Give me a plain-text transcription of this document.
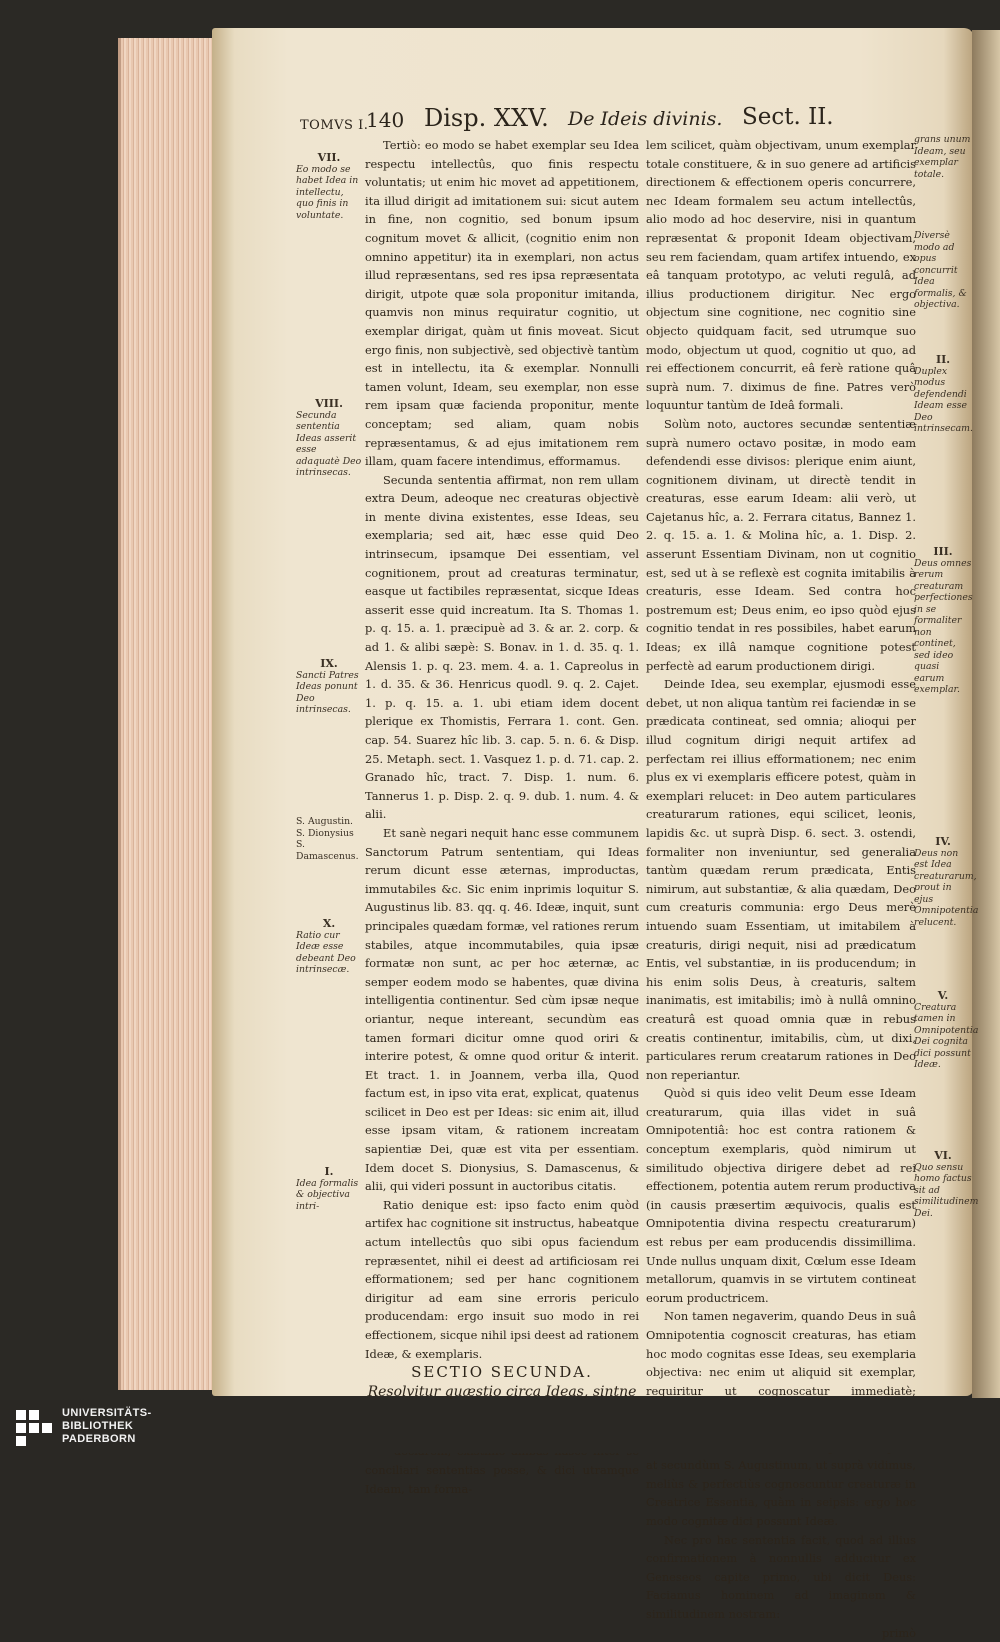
TOMVS I.
140 Disp. XXV. De Ideis divinis. Sect. II.
VII.
Eo modo se habet Idea in intellectu, quo finis in voluntate.
VIII.
Secunda sententia Ideas asserit esse adaquatè Deo intrinsecas.
IX.
Sancti Patres Ideas ponunt Deo intrinsecas.
S. Augustin. S. Dionysius S. Damascenus.
X.
Ratio cur Ideæ esse debeant Deo intrinsecæ.
I.
Idea formalis & objectiva intri-

Tertiò: eo modo se habet exemplar seu Idea respectu intellectûs, quo finis respectu voluntatis; ut enim hic movet ad appetitionem, ita illud dirigit ad imitationem sui: sicut autem in fine, non cognitio, sed bonum ipsum cognitum movet & allicit, (cognitio enim non omnino appetitur) ita in exemplari, non actus illud repræsentans, sed res ipsa repræsentata dirigit, utpote quæ sola proponitur imitanda, quamvis non minus requiratur cognitio, ut exemplar dirigat, quàm ut finis moveat. Sicut ergo finis, non subjectivè, sed objectivè tantùm est in intellectu, ita & exemplar. Nonnulli tamen volunt, Ideam, seu exemplar, non esse rem ipsam quæ facienda proponitur, mente conceptam; sed aliam, quam nobis repræsentamus, & ad ejus imitationem rem illam, quam facere intendimus, efformamus.

Secunda sententia affirmat, non rem ullam extra Deum, adeoque nec creaturas objectivè in mente divina existentes, esse Ideas, seu exemplaria; sed ait, hæc esse quid Deo intrinsecum, ipsamque Dei essentiam, vel cognitionem, prout ad creaturas terminatur, easque ut factibiles repræsentat, sicque Ideas asserit esse quid increatum. Ita S. Thomas 1. p. q. 15. a. 1. præcipuè ad 3. & ar. 2. corp. & ad 1. & alibi sæpè: S. Bonav. in 1. d. 35. q. 1. Alensis 1. p. q. 23. mem. 4. a. 1. Capreolus in 1. d. 35. & 36. Henricus quodl. 9. q. 2. Cajet. 1. p. q. 15. a. 1. ubi etiam idem docent plerique ex Thomistis, Ferrara 1. cont. Gen. cap. 54. Suarez hîc lib. 3. cap. 5. n. 6. & Disp. 25. Metaph. sect. 1. Vasquez 1. p. d. 71. cap. 2. Granado hîc, tract. 7. Disp. 1. num. 6. Tannerus 1. p. Disp. 2. q. 9. dub. 1. num. 4. & alii.

Et sanè negari nequit hanc esse communem Sanctorum Patrum sententiam, qui Ideas rerum dicunt esse æternas, improductas, immutabiles &c. Sic enim inprimis loquitur S. Augustinus lib. 83. qq. q. 46. Ideæ, inquit, sunt principales quædam formæ, vel rationes rerum stabiles, atque incommutabiles, quia ipsæ formatæ non sunt, ac per hoc æternæ, ac semper eodem modo se habentes, quæ divina intelligentia continentur. Sed cùm ipsæ neque oriantur, neque intereant, secundùm eas tamen formari dicitur omne quod oriri & interire potest, & omne quod oritur & interit. Et tract. 1. in Joannem, verba illa, Quod factum est, in ipso vita erat, explicat, quatenus scilicet in Deo est per Ideas: sic enim ait, illud esse ipsam vitam, & rationem increatam sapientiæ Dei, quæ est vita per essentiam. Idem docet S. Dionysius, S. Damascenus, & alii, qui videri possunt in auctoribus citatis.

Ratio denique est: ipso facto enim quòd artifex hac cognitione sit instructus, habeatque actum intellectûs quo sibi opus faciendum repræsentet, nihil ei deest ad artificiosam rei efformationem; sed per hanc cognitionem dirigitur ad eam sine erroris periculo producendam: ergo insuit suo modo in rei effectionem, sicque nihil ipsi deest ad rationem Ideæ, & exemplaris.

SECTIO SECUNDA.

Resolvitur quæstio circa Ideas, sintne

conciliari sententias posse, & dici utramque Ideam, tam forma-

lem scilicet, quàm objectivam, unum exemplar totale constituere, & in suo genere ad artificis directionem & effectionem operis concurrere, nec Ideam formalem seu actum intellectûs, alio modo ad hoc deservire, nisi in quantum repræsentat & proponit Ideam objectivam, seu rem faciendam, quam artifex intuendo, ex eâ tanquam prototypo, ac veluti regulâ, ad illius productionem dirigitur. Nec ergo objectum sine cognitione, nec cognitio sine objecto quidquam facit, sed utrumque suo modo, objectum ut quod, cognitio ut quo, ad rei effectionem concurrit, eâ ferè ratione quâ suprà num. 7. diximus de fine. Patres verò loquuntur tantùm de Ideâ formali.

Solùm noto, auctores secundæ sententiæ suprà numero octavo positæ, in modo eam defendendi esse divisos: plerique enim aiunt, cognitionem divinam, ut directè tendit in creaturas, esse earum Ideam: alii verò, ut Cajetanus hîc, a. 2. Ferrara citatus, Bannez 1. 2. q. 15. a. 1. & Molina hîc, a. 1. Disp. 2. asserunt Essentiam Divinam, non ut cognitio est, sed ut à se reflexè est cognita imitabilis à creaturis, esse Ideam. Sed contra hoc postremum est; Deus enim, eo ipso quòd ejus cognitio tendat in res possibiles, habet earum Ideas; ex illâ namque cognitione potest perfectè ad earum productionem dirigi.

Deinde Idea, seu exemplar, ejusmodi esse debet, ut non aliqua tantùm rei faciendæ in se prædicata contineat, sed omnia; alioqui per illud cognitum dirigi nequit artifex ad perfectam rei illius efformationem; nec enim plus ex vi exemplaris efficere potest, quàm in exemplari relucet: in Deo autem particulares creaturarum rationes, equi scilicet, leonis, lapidis &c. ut suprà Disp. 6. sect. 3. ostendi, formaliter non inveniuntur, sed generalia tantùm quædam rerum prædicata, Entis nimirum, aut substantiæ, & alia quædam, Deo cum creaturis communia: ergo Deus merè intuendo suam Essentiam, ut imitabilem à creaturis, dirigi nequit, nisi ad prædicatum Entis, vel substantiæ, in iis producendum; in his enim solis Deus, à creaturis, saltem inanimatis, est imitabilis; imò à nullâ omnino creaturâ est quoad omnia quæ in rebus creatis continentur, imitabilis, cùm, ut dixi, particulares rerum creatarum rationes in Deo non reperiantur.

Quòd si quis ideo velit Deum esse Ideam creaturarum, quia illas videt in suâ Omnipotentiâ: hoc est contra rationem & conceptum exemplaris, quòd nimirum ut similitudo objectiva dirigere debet ad rei effectionem, potentia autem rerum productiva (in causis præsertim æquivocis, qualis est Omnipotentia divina respectu creaturarum) est rebus per eam producendis dissimillima. Unde nullus unquam dixit, Cœlum esse Ideam metallorum, quamvis in se virtutem contineat eorum productricem.

Non tamen negaverim, quando Deus in suâ Omnipotentia cognoscit creaturas, has etiam hoc modo cognitas esse Ideas, seu exemplaria objectiva: nec enim ut aliquid sit exemplar, requiritur ut cognoscatur immediatè; at secundùm S. Augustinum, ut suprà vidimus, meliùs & perfectiùs cognoscuntur creaturæ in Creatrice Essentia, quàm in seipsis: ergo hoc modo cognitæ dici possunt Ideæ.

Nec pro hac sententia facit, quod ad illius confirmationem à nonnullis adducitur ex Geneseos capite primo, ubi dicit Deus: Faciamus hominem ad imaginem & similitudinem nostram:

primò

grans unum Ideam, seu exemplar totale.
Diversè modo ad opus concurrit Idea formalis, & objectiva.
II.
Duplex modus defendendi Ideam esse Deo intrinsecam.
III.
Deus omnes rerum creaturam perfectiones in se formaliter non continet, sed ideo quasi earum exemplar.
IV.
Deus non est Idea creaturarum, prout in ejus Omnipotentia relucent.
V.
Creatura tamen in Omnipotentia Dei cognita dici possunt Ideæ.
VI.
Quo sensu homo factus sit ad similitudinem Dei.
UNIVERSITÄTS-
BIBLIOTHEK
PADERBORN
